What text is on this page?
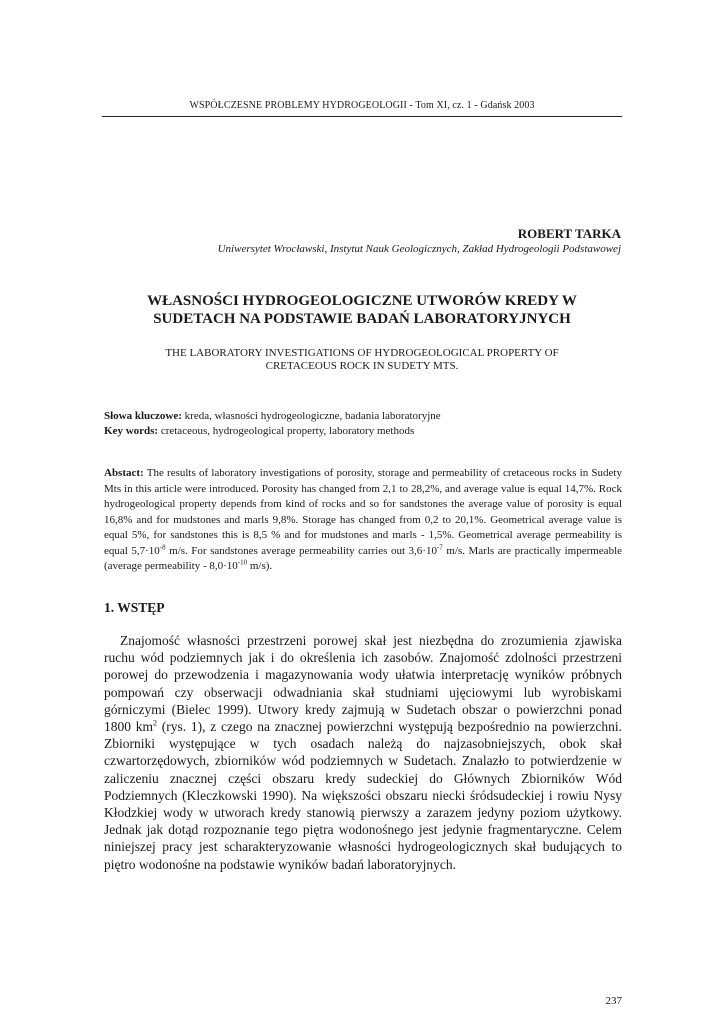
WSPÓŁCZESNE PROBLEMY HYDROGEOLOGII - Tom XI, cz. 1 - Gdańsk 2003
ROBERT TARKA
Uniwersytet Wrocławski, Instytut Nauk Geologicznych, Zakład Hydrogeologii Podstawowej
WŁASNOŚCI HYDROGEOLOGICZNE UTWORÓW KREDY W
SUDETACH NA PODSTAWIE BADAŃ LABORATORYJNYCH
THE LABORATORY INVESTIGATIONS OF HYDROGEOLOGICAL PROPERTY OF
CRETACEOUS ROCK IN SUDETY MTS.
Słowa kluczowe: kreda, własności hydrogeologiczne, badania laboratoryjne
Key words: cretaceous, hydrogeological property, laboratory methods
Abstact: The results of laboratory investigations of porosity, storage and permeability of cretaceous rocks in Sudety Mts in this article were introduced. Porosity has changed from 2,1 to 28,2%, and average value is equal 14,7%. Rock hydrogeological property depends from kind of rocks and so for sandstones the average value of porosity is equal 16,8% and for mudstones and marls 9,8%. Storage has changed from 0,2 to 20,1%. Geometrical average value is equal 5%, for sandstones this is 8,5 % and for mudstones and marls - 1,5%. Geometrical average permeability is equal $5,7\cdot 10^{-8}$ m/s. For sandstones average permeability carries out $3,6\cdot 10^{-7}$ m/s. Marls are practically impermeable (average permeability - $8,0\cdot 10^{-10}$ m/s).
1. WSTĘP
Znajomość własności przestrzeni porowej skał jest niezbędna do zrozumienia zjawiska ruchu wód podziemnych jak i do określenia ich zasobów. Znajomość zdolności przestrzeni porowej do przewodzenia i magazynowania wody ułatwia interpretację wyników próbnych pompowań czy obserwacji odwadniania skał studniami ujęciowymi lub wyrobiskami górniczymi (Bielec 1999). Utwory kredy zajmują w Sudetach obszar o powierzchni ponad 1800 $km^2$ (rys. 1), z czego na znacznej powierzchni występują bezpośrednio na powierzchni. Zbiorniki występujące w tych osadach należą do najzasobniejszych, obok skał czwartorzędowych, zbiorników wód podziemnych w Sudetach. Znalazło to potwierdzenie w zaliczeniu znacznej części obszaru kredy sudeckiej do Głównych Zbiorników Wód Podziemnych (Kleczkowski 1990). Na większości obszaru niecki śródsudeckiej i rowiu Nysy Kłodzkiej wody w utworach kredy stanowią pierwszy a zarazem jedyny poziom użytkowy. Jednak jak dotąd rozpoznanie tego piętra wodonośnego jest jedynie fragmentaryczne. Celem niniejszej pracy jest scharakteryzowanie własności hydrogeologicznych skał budujących to piętro wodonośne na podstawie wyników badań laboratoryjnych.
237
